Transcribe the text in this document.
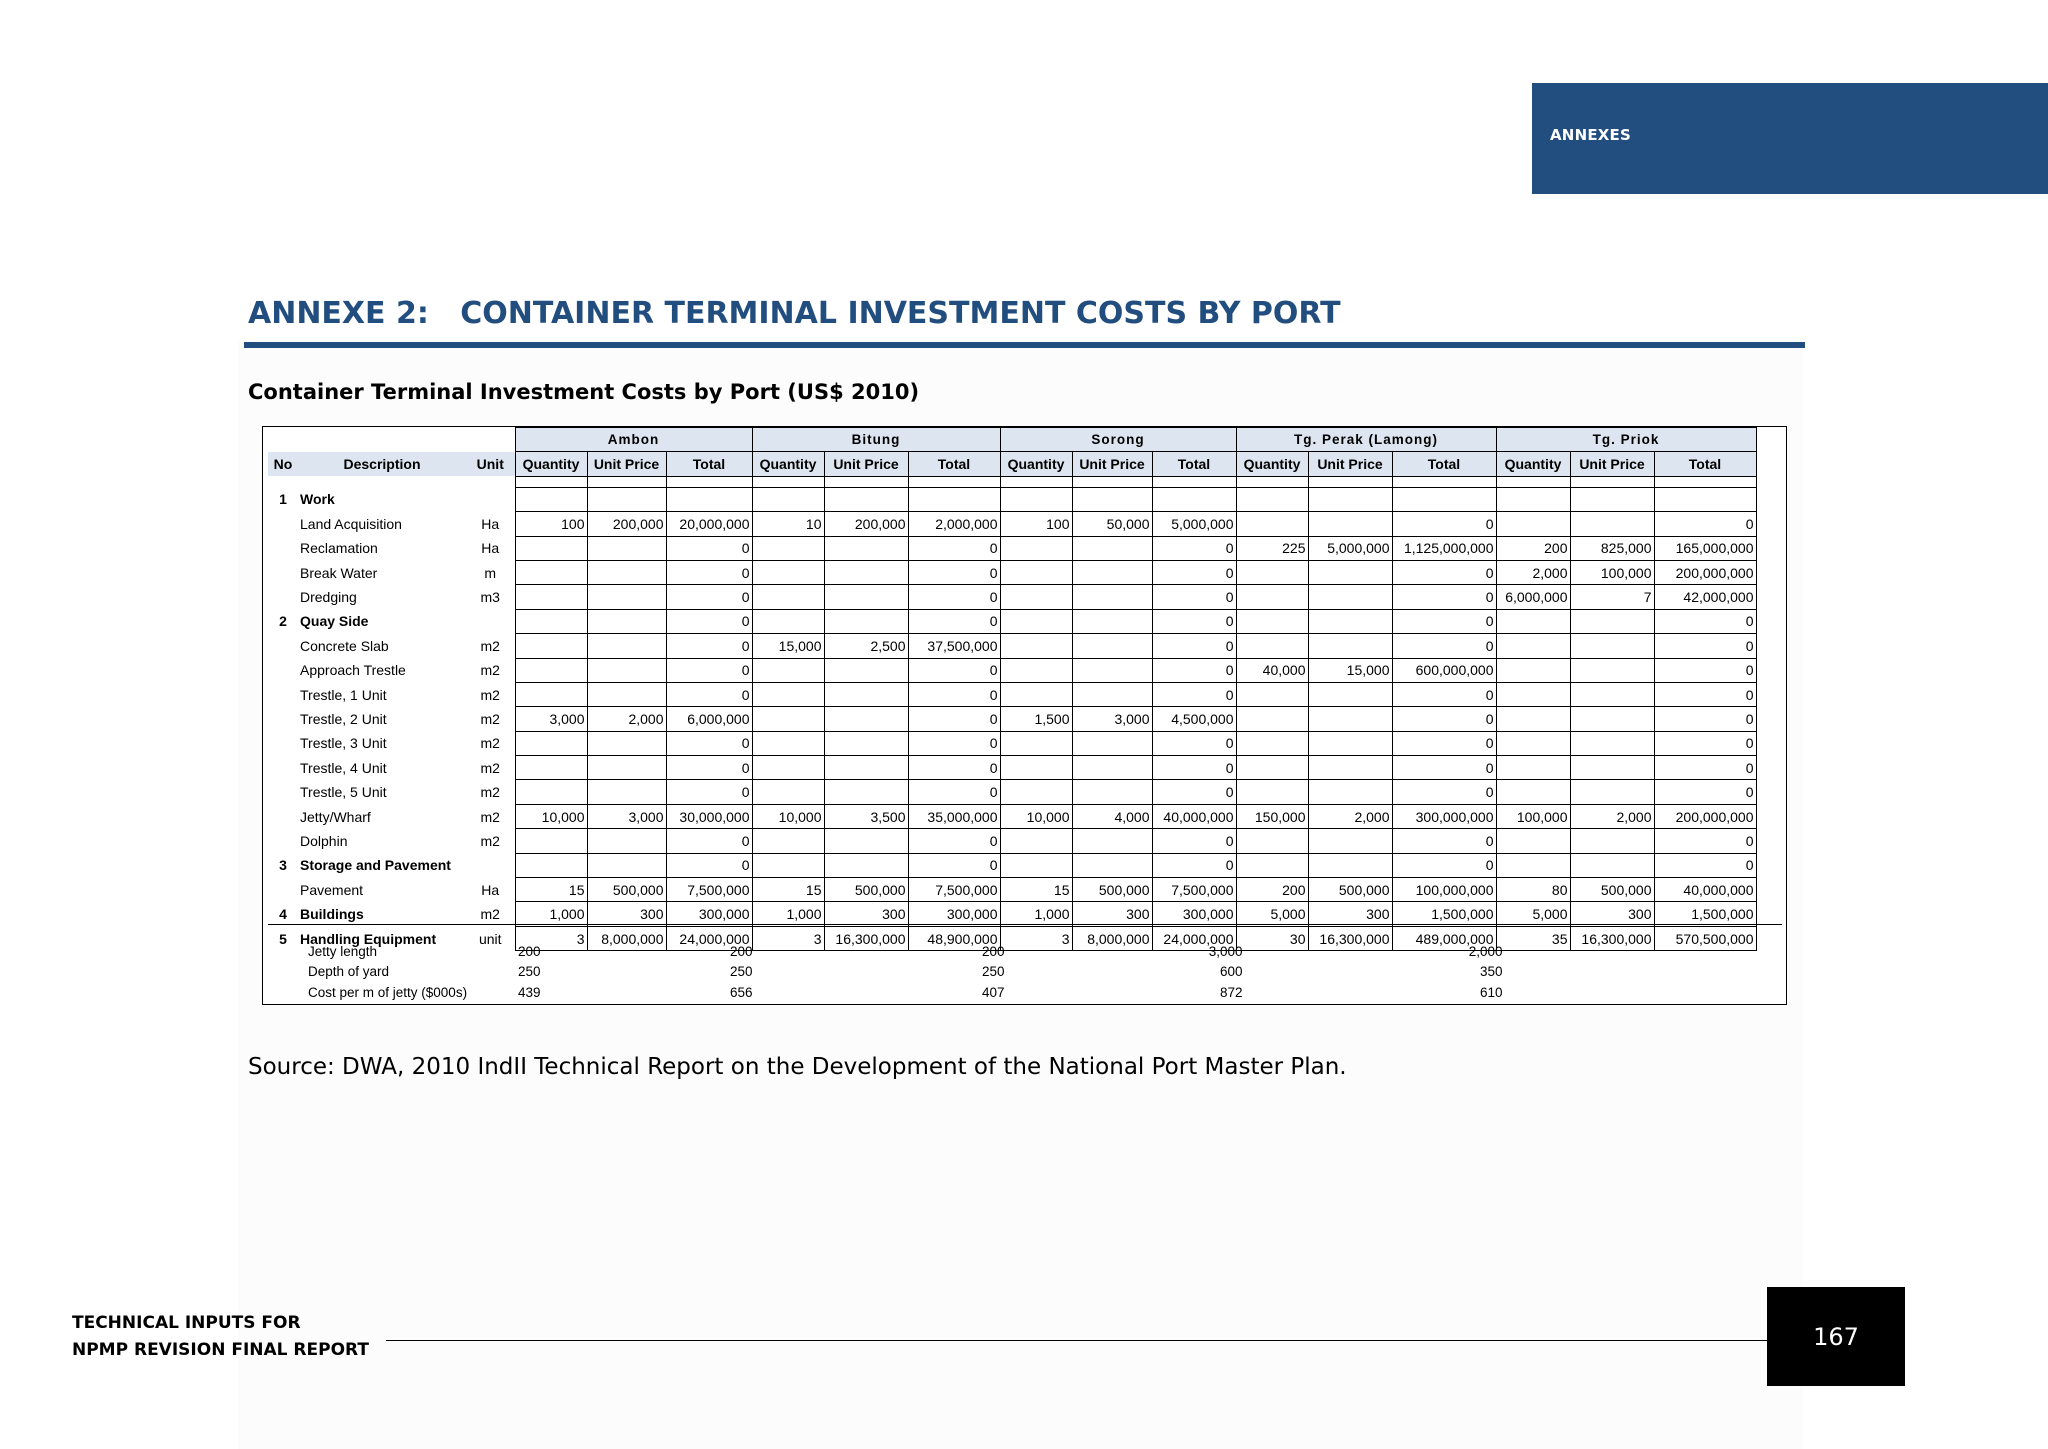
ANNEXES
ANNEXE 2:   CONTAINER TERMINAL INVESTMENT COSTS BY PORT
Container Terminal Investment Costs by Port (US$ 2010)
			Ambon			Bitung			Sorong			Tg. Perak (Lamong)			Tg. Priok		
No	Description	Unit	Quantity	Unit Price	Total	Quantity	Unit Price	Total	Quantity	Unit Price	Total	Quantity	Unit Price	Total	Quantity	Unit Price	Total

1	Work																
	Land Acquisition	Ha	100	200,000	20,000,000	10	200,000	2,000,000	100	50,000	5,000,000			0			0
	Reclamation	Ha			0			0			0	225	5,000,000	1,125,000,000	200	825,000	165,000,000
	Break Water	m			0			0			0			0	2,000	100,000	200,000,000
	Dredging	m3			0			0			0			0	6,000,000	7	42,000,000
2	Quay Side				0			0			0			0			0
	Concrete Slab	m2			0	15,000	2,500	37,500,000			0			0			0
	Approach Trestle	m2			0			0			0	40,000	15,000	600,000,000			0
	Trestle, 1 Unit	m2			0			0			0			0			0
	Trestle, 2 Unit	m2	3,000	2,000	6,000,000			0	1,500	3,000	4,500,000			0			0
	Trestle, 3 Unit	m2			0			0			0			0			0
	Trestle, 4 Unit	m2			0			0			0			0			0
	Trestle, 5 Unit	m2			0			0			0			0			0
	Jetty/Wharf	m2	10,000	3,000	30,000,000	10,000	3,500	35,000,000	10,000	4,000	40,000,000	150,000	2,000	300,000,000	100,000	2,000	200,000,000
	Dolphin	m2			0			0			0			0			0
3	Storage and Pavement				0			0			0			0			0
	Pavement	Ha	15	500,000	7,500,000	15	500,000	7,500,000	15	500,000	7,500,000	200	500,000	100,000,000	80	500,000	40,000,000
4	Buildings	m2	1,000	300	300,000	1,000	300	300,000	1,000	300	300,000	5,000	300	1,500,000	5,000	300	1,500,000
5	Handling Equipment	unit	3	8,000,000	24,000,000	3	16,300,000	48,900,000	3	8,000,000	24,000,000	30	16,300,000	489,000,000	35	16,300,000	570,500,000
	Jetty length	200	200	200	3,000	2,000
	Depth of yard	250	250	250	600	350
	Cost per m of jetty ($000s)	439	656	407	872	610
Source: DWA, 2010 IndII Technical Report on the Development of the National Port Master Plan.
TECHNICAL INPUTS FOR
NPMP REVISION FINAL REPORT	167
